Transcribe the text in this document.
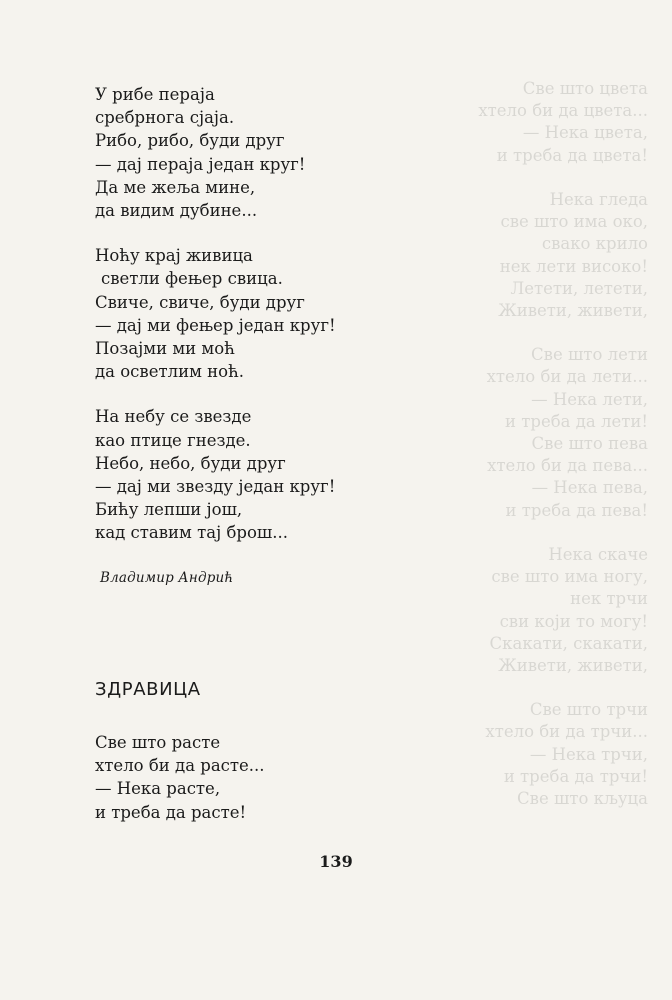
Све што цвета
хтело би да цвета...
— Нека цвета,
и треба да цвета!
Нека гледа
све што има око,
свако крило
нек лети високо!
Летети, летети,
Живети, живети,
Све што лети
хтело би да лети...
— Нека лети,
и треба да лети!
Све што пева
хтело би да пева...
— Нека пева,
и треба да пева!
Нека скаче
све што има ногу,
нек трчи
сви који то могу!
Скакати, скакати,
Живети, живети,
Све што трчи
хтело би да трчи...
— Нека трчи,
и треба да трчи!
Све што кљуца
У рибе пераја
сребрнога сјаја.
Рибо, рибо, буди друг
— дај пераја један круг!
Да ме жеља мине,
да видим дубине...
Ноћу крај живица
светли фењер свица.
Свиче, свиче, буди друг
— дај ми фењер један круг!
Позајми ми моћ
да осветлим ноћ.
На небу се звезде
као птице гнезде.
Небо, небо, буди друг
— дај ми звезду један круг!
Бићу лепши још,
кад ставим тај брош...
Владимир Андрић
ЗДРАВИЦА
Све што расте
хтело би да расте...
— Нека расте,
и треба да расте!
139
